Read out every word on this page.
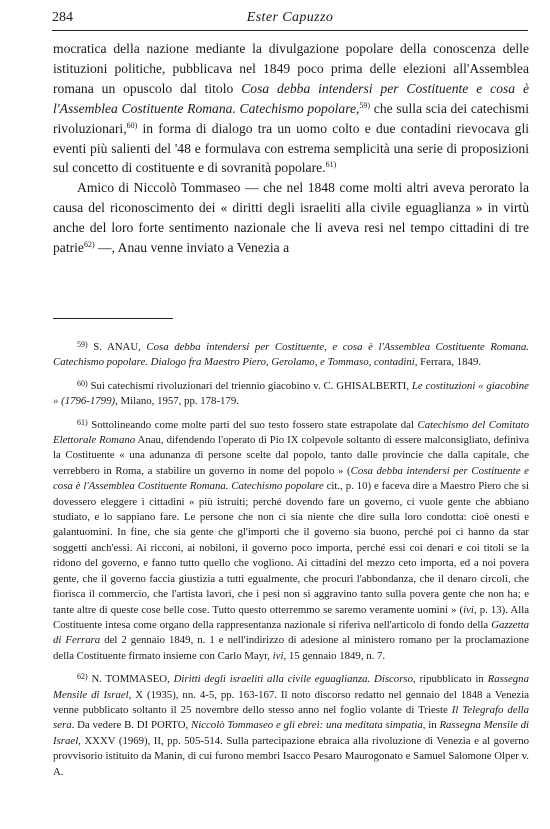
284	Ester Capuzzo

mocratica della nazione mediante la divulgazione popolare della conoscenza delle istituzioni politiche, pubblicava nel 1849 poco prima delle elezioni all'Assemblea romana un opuscolo dal titolo Cosa debba intendersi per Costituente e cosa è l'Assemblea Costituente Romana. Catechismo popolare,$^{59)}$ che sulla scia dei catechismi rivoluzionari,$^{60)}$ in forma di dialogo tra un uomo colto e due contadini rievocava gli eventi più salienti del '48 e formulava con estrema semplicità una serie di proposizioni sul concetto di costituente e di sovranità popolare.$^{61)}$

Amico di Niccolò Tommaseo — che nel 1848 come molti altri aveva perorato la causa del riconoscimento dei « diritti degli israeliti alla civile eguaglianza » in virtù anche del loro forte sentimento nazionale che li aveva resi nel tempo cittadini di tre patrie$^{62)}$ —, Anau venne inviato a Venezia a

$^{59)}$ S. ANAU, Cosa debba intendersi per Costituente, e cosa è l'Assemblea Costituente Romana. Catechismo popolare. Dialogo fra Maestro Piero, Gerolamo, e Tommaso, contadini, Ferrara, 1849.

$^{60)}$ Sui catechismi rivoluzionari del triennio giacobino v. C. GHISALBERTI, Le costituzioni « giacobine » (1796-1799), Milano, 1957, pp. 178-179.

$^{61)}$ Sottolineando come molte parti del suo testo fossero state estrapolate dal Catechismo del Comitato Elettorale Romano Anau, difendendo l'operato di Pio IX colpevole soltanto di essere malconsigliato, definiva la Costituente « una adunanza di persone scelte dal popolo, tanto dalle provincie che dalla capitale, che verrebbero in Roma, a stabilire un governo in nome del popolo » (Cosa debba intendersi per Costituente e cosa è l'Assemblea Costituente Romana. Catechismo popolare cit., p. 10) e faceva dire a Maestro Piero che si dovessero eleggere i cittadini « più istruiti; perché dovendo fare un governo, ci vuole gente che abbiano studiato, e lo sappiano fare. Le persone che non ci sia niente che dire sulla loro condotta: cioè onesti e galantuomini. In fine, che sia gente che gl'importi che il governo sia buono, perché poi ci hanno da star soggetti anch'essi. Ai ricconi, ai nobiloni, il governo poco importa, perché essi coi denari e coi titoli se la ridono del governo, e fanno tutto quello che vogliono. Ai cittadini del mezzo ceto importa, ed a noi povera gente, che il governo faccia giustizia a tutti egualmente, che procuri l'abbondanza, che il denaro circoli, che fiorisca il commercio, che l'artista lavori, che i pesi non si aggravino tanto sulla povera gente che non ha; e tante altre di queste cose belle cose. Tutto questo otterremmo se saremo veramente uomini » (ivi, p. 13). Alla Costituente intesa come organo della rappresentanza nazionale si riferiva nell'articolo di fondo della Gazzetta di Ferrara del 2 gennaio 1849, n. 1 e nell'indirizzo di adesione al ministero romano per la proclamazione della Costituente firmato insieme con Carlo Mayr, ivi, 15 gennaio 1849, n. 7.

$^{62)}$ N. TOMMASEO, Diritti degli israeliti alla civile eguaglianza. Discorso, ripubblicato in Rassegna Mensile di Israel, X (1935), nn. 4-5, pp. 163-167. Il noto discorso redatto nel gennaio del 1848 a Venezia venne pubblicato soltanto il 25 novembre dello stesso anno nel foglio volante di Trieste Il Telegrafo della sera. Da vedere B. DI PORTO, Niccolò Tommaseo e gli ebrei: una meditata simpatia, in Rassegna Mensile di Israel, XXXV (1969), II, pp. 505-514. Sulla partecipazione ebraica alla rivoluzione di Venezia e al governo provvisorio istituito da Manin, di cui furono membri Isacco Pesaro Maurogonato e Samuel Salomone Olper v. A.
